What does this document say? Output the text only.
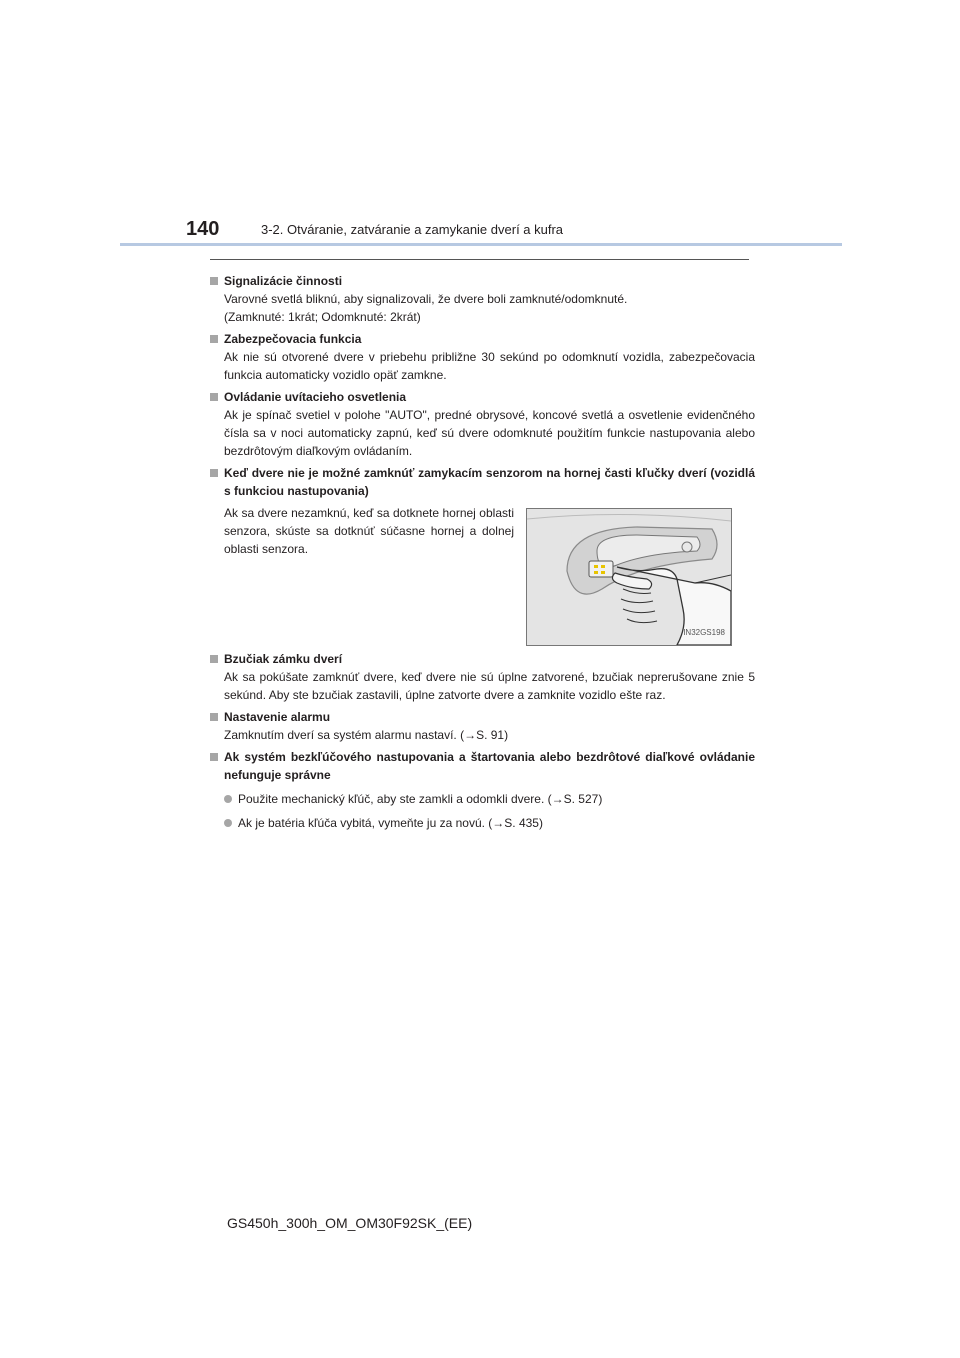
140	3-2. Otváranie, zatváranie a zamykanie dverí a kufra
Signalizácie činnosti
Varovné svetlá bliknú, aby signalizovali, že dvere boli zamknuté/odomknuté.
(Zamknuté: 1krát; Odomknuté: 2krát)
Zabezpečovacia funkcia
Ak nie sú otvorené dvere v priebehu približne 30 sekúnd po odomknutí vozidla, zabezpečovacia funkcia automaticky vozidlo opäť zamkne.
Ovládanie uvítacieho osvetlenia
Ak je spínač svetiel v polohe "AUTO", predné obrysové, koncové svetlá a osvetlenie evidenčného čísla sa v noci automaticky zapnú, keď sú dvere odomknuté použitím funkcie nastupovania alebo bezdrôtovým diaľkovým ovládaním.
Keď dvere nie je možné zamknúť zamykacím senzorom na hornej časti kľučky dverí (vozidlá s funkciou nastupovania)
Ak sa dvere nezamknú, keď sa dotknete hornej oblasti senzora, skúste sa dotknúť súčasne hornej a dolnej oblasti senzora.
IN32GS198
Bzučiak zámku dverí
Ak sa pokúšate zamknúť dvere, keď dvere nie sú úplne zatvorené, bzučiak neprerušovane znie 5 sekúnd. Aby ste bzučiak zastavili, úplne zatvorte dvere a zamknite vozidlo ešte raz.
Nastavenie alarmu
Zamknutím dverí sa systém alarmu nastaví. (→S. 91)
Ak systém bezkľúčového nastupovania a štartovania alebo bezdrôtové diaľkové ovládanie nefunguje správne
Použite mechanický kľúč, aby ste zamkli a odomkli dvere. (→S. 527)
Ak je batéria kľúča vybitá, vymeňte ju za novú. (→S. 435)
GS450h_300h_OM_OM30F92SK_(EE)
